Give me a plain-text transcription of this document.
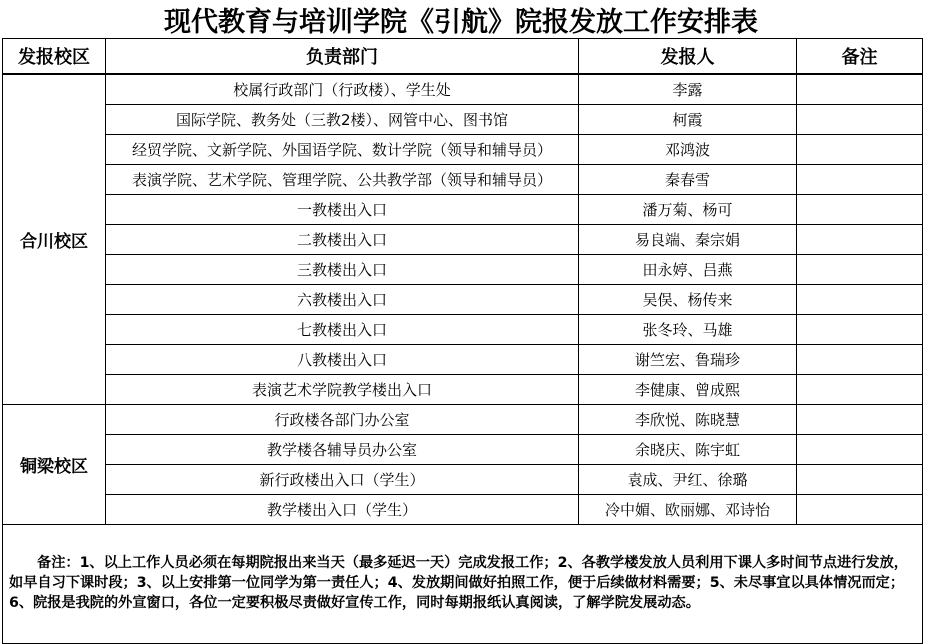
现代教育与培训学院《引航》院报发放工作安排表
发报校区	负责部门	发报人	备注
合川校区	校属行政部门（行政楼）、学生处	李露	
	国际学院、教务处（三教2楼）、网管中心、图书馆	柯霞	
	经贸学院、文新学院、外国语学院、数计学院（领导和辅导员）	邓鸿波	
	表演学院、艺术学院、管理学院、公共教学部（领导和辅导员）	秦春雪	
	一教楼出入口	潘万菊、杨可	
	二教楼出入口	易良端、秦宗娟	
	三教楼出入口	田永婷、吕燕	
	六教楼出入口	吴俣、杨传来	
	七教楼出入口	张冬玲、马雄	
	八教楼出入口	谢竺宏、鲁瑞珍	
	表演艺术学院教学楼出入口	李健康、曾成熙	
铜梁校区	行政楼各部门办公室	李欣悦、陈晓慧	
	教学楼各辅导员办公室	余晓庆、陈宇虹	
	新行政楼出入口（学生）	袁成、尹红、徐璐	
	教学楼出入口（学生）	冷中媚、欧丽娜、邓诗怡	
备注：1、以上工作人员必须在每期院报出来当天（最多延迟一天）完成发报工作；2、各教学楼发放人员利用下课人多时间节点进行发放，如早自习下课时段；3、以上安排第一位同学为第一责任人；4、发放期间做好拍照工作，便于后续做材料需要；5、未尽事宜以具体情况而定；6、院报是我院的外宣窗口，各位一定要积极尽责做好宣传工作，同时每期报纸认真阅读，了解学院发展动态。			
